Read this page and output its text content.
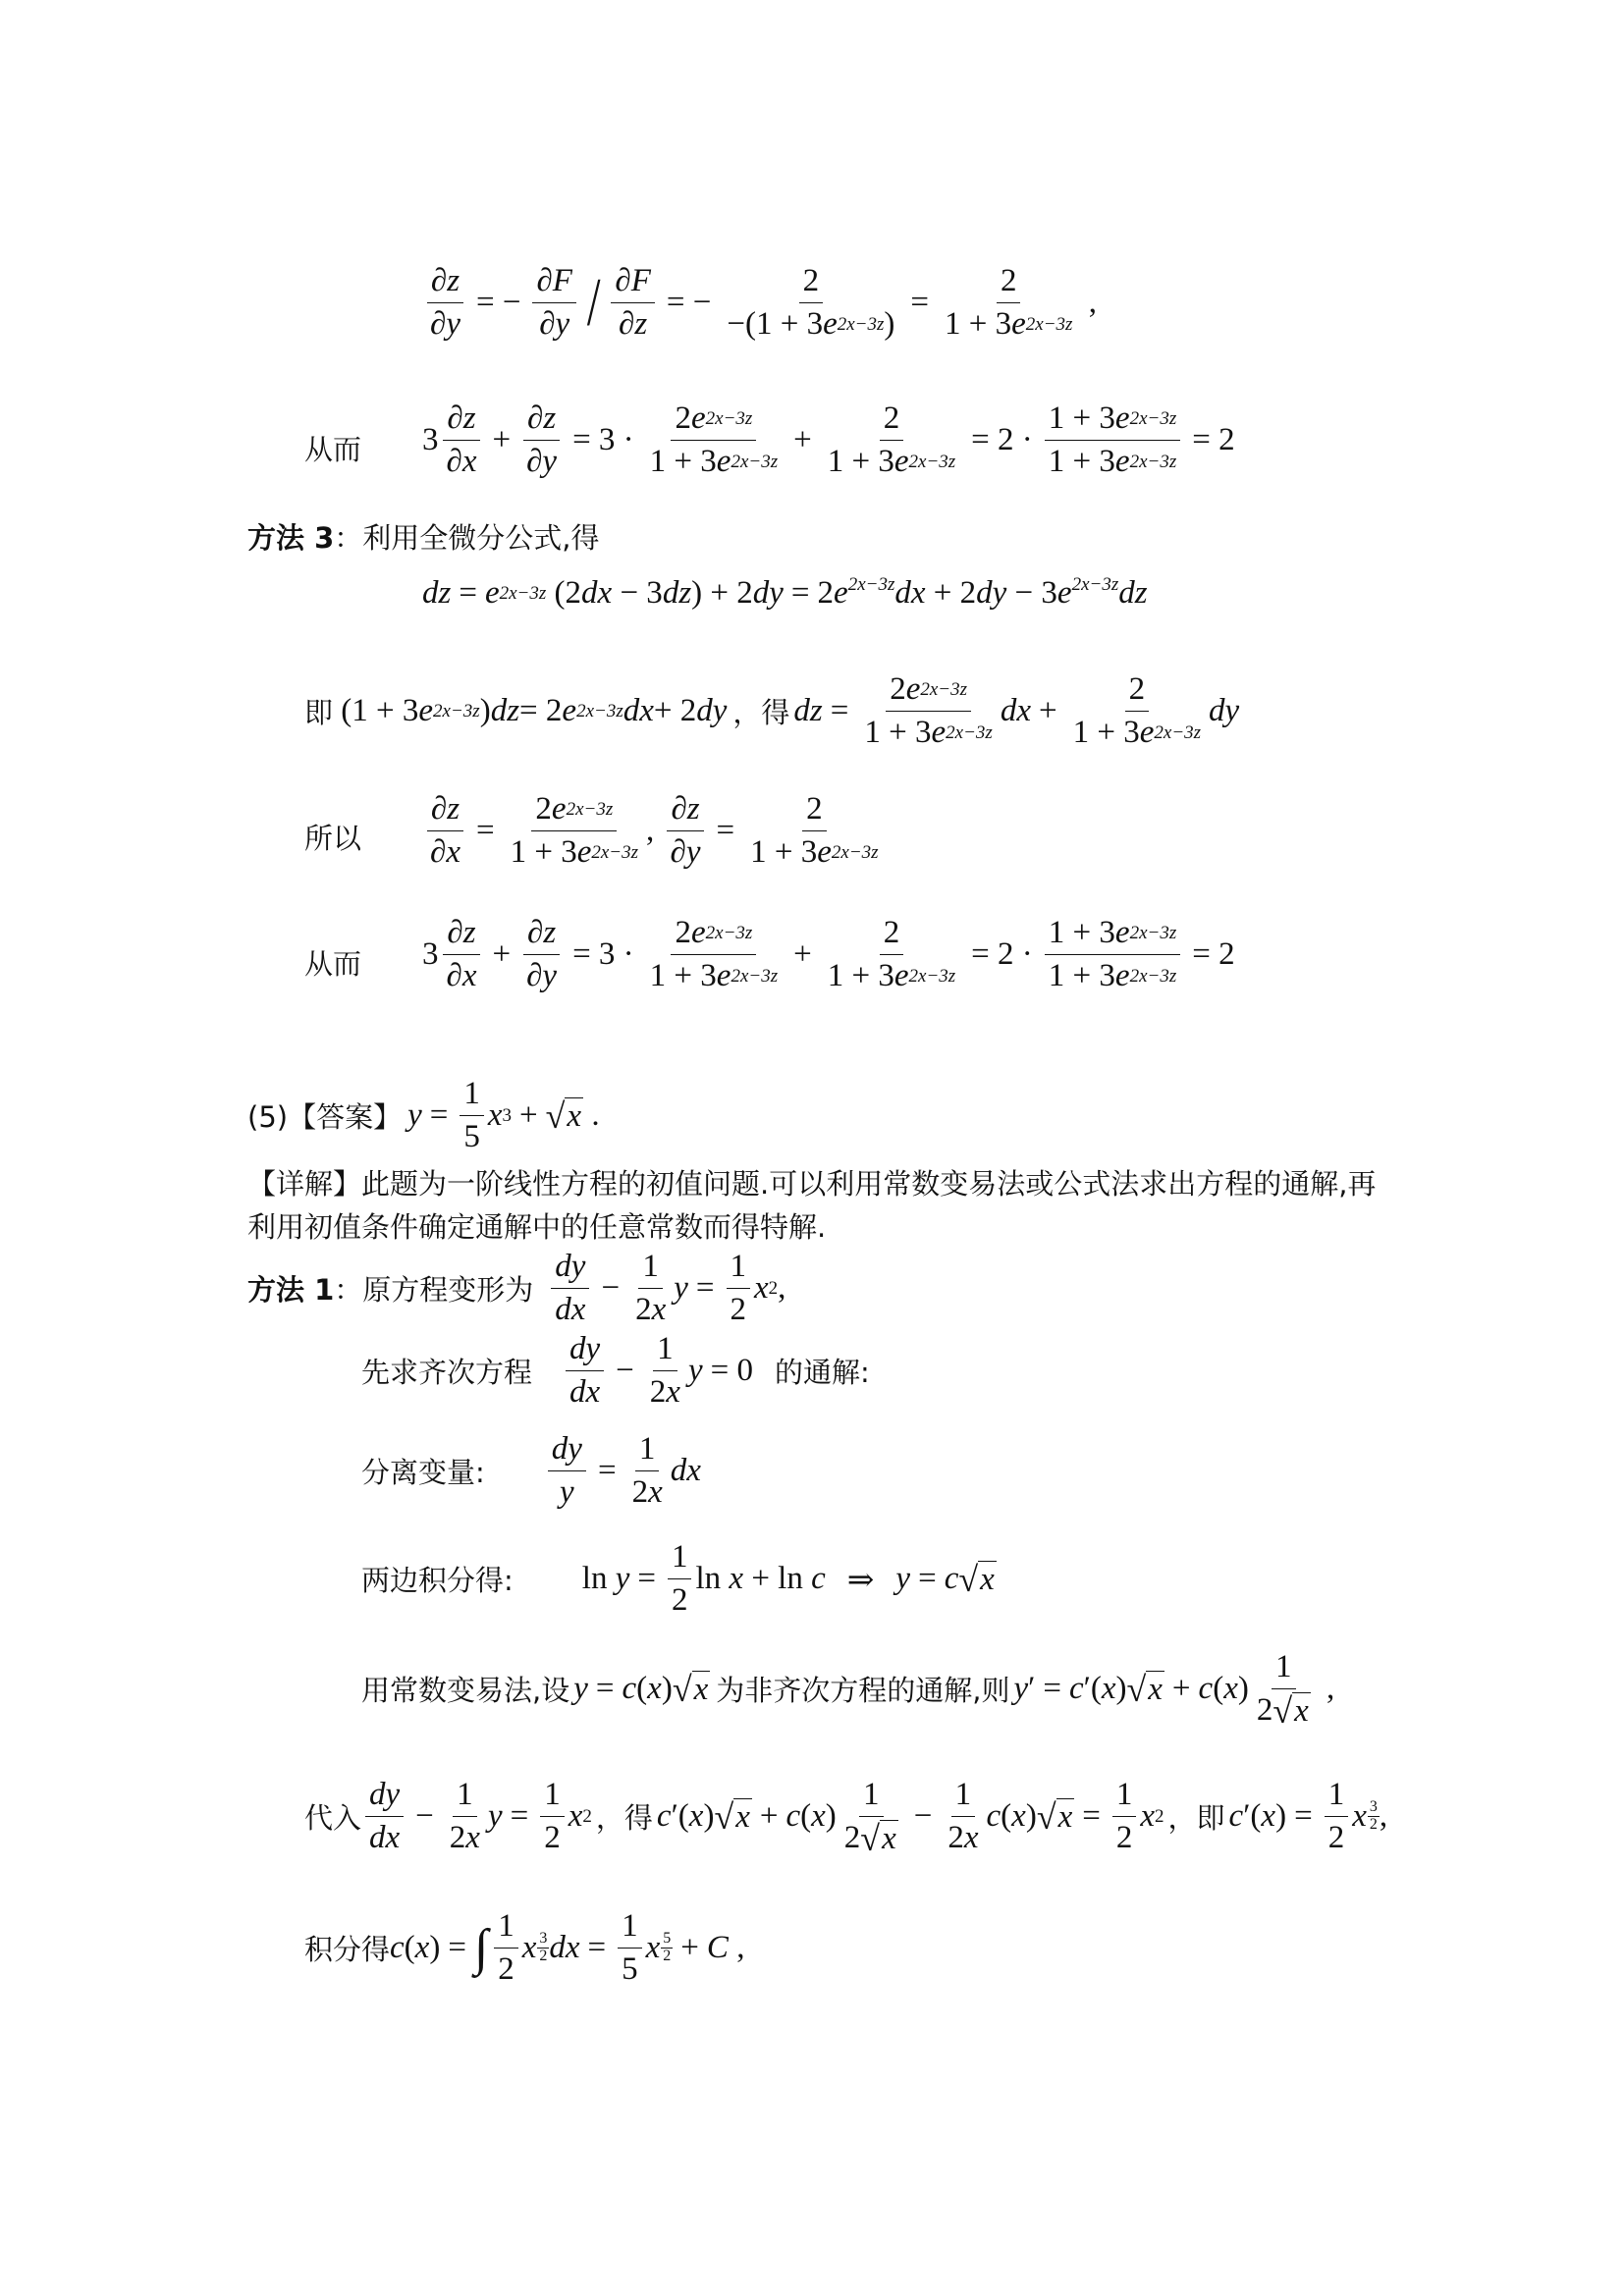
$\frac{\partial z}{\partial y}$ = − $\frac{\partial F}{\partial y} / \frac{\partial F}{\partial z}$ = − $\frac{2}{-(1 + 3 e 2x-3z )} = \frac{2}{1 + 3 e 2x-3z}$ ,
从而 $3 \frac{\partial z}{\partial x} + \frac{\partial z}{\partial y} = 3 \cdot \frac{2 e 2x-3z}{1 + 3 e 2x-3z} + \frac{2}{1 + 3 e 2x-3z} = 2 \cdot \frac{1 + 3 e 2x-3z}{1 + 3 e 2x-3z} = 2$
方法 3 ：利用全微分公式,得
dz = e 2x−3z $(2dx - 3dz) + 2dy = 2e^{2x-3z}dx + 2dy - 3e^{2x-3z}dz$
即 (1 + 3 e 2x−3z ) dz = 2 e 2x−3z dx + 2 dy ，得 dz = $\frac{2 e 2x-3z}{1 + 3 e 2x-3z}$ dx + $\frac{2}{1 + 3 e 2x-3z}$ dy
所以 $\frac{\partial z}{\partial x} = \frac{2 e 2x-3z}{1 + 3 e 2x-3z}$ , $\frac{\partial z}{\partial y} = \frac{2}{1 + 3 e 2x-3z}$
从而 $3 \frac{\partial z}{\partial x} + \frac{\partial z}{\partial y} = 3 \cdot \frac{2 e 2x-3z}{1 + 3 e 2x-3z} + \frac{2}{1 + 3 e 2x-3z} = 2 \cdot \frac{1 + 3 e 2x-3z}{1 + 3 e 2x-3z} = 2$
(5)【答案】 $y = \frac{1}{5}$ x 3 + √ x .
【详解】此题为一阶线性方程的初值问题.可以利用常数变易法或公式法求出方程的通解,再
利用初值条件确定通解中的任意常数而得特解.
方法 1：原方程变形为 $\frac{dy}{dx} - \frac{1}{2 x}$ $y = \frac{1}{2}$ x 2 ,
先求齐次方程 $\frac{dy}{dx} - \frac{1}{2 x}$ y = 0 的通解:
分离变量: $\frac{dy}{y} = \frac{1}{2 x}$ dx
两边积分得: $\ln y = \frac{1}{2}$ ln x + ln c ⇒ y = c √ x
用常数变易法,设 y = c ( x ) √ x 为非齐次方程的通解,则 y ′ = c ′( x ) √ x + c ( x ) $\frac{1}{2 √ x}$ ,
代入 $\frac{dy}{dx} - \frac{1}{2 x}$ $y = \frac{1}{2}$ x 2 ，得 c ′( x ) √ x + c ( x ) $\frac{1}{2 √ x} - \frac{1}{2 x}$ c ( x ) √ $x = \frac{1}{2}$ x 2 ，即 c ′( x ) = $\frac{1}{2}$ x 3
2 ,
积分得 c ( x ) = ∫ $\frac{1}{2}$ x 3
2 dx = $\frac{1}{5}$ x 5
2 + C ,
